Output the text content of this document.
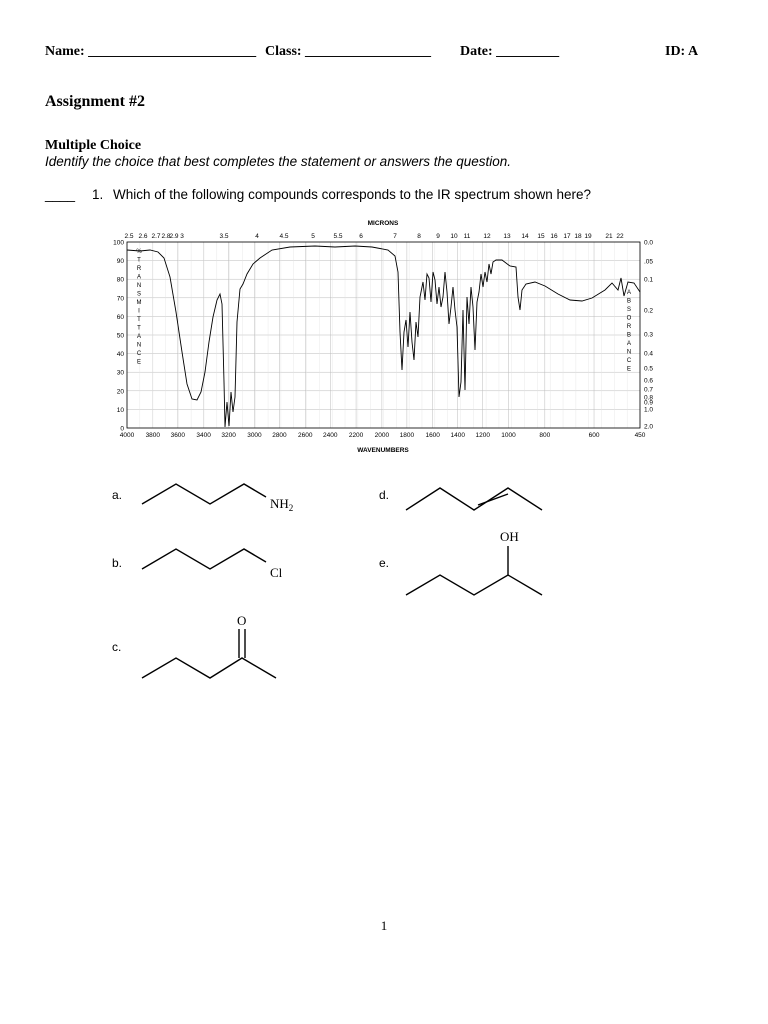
Name: ________________________ Class: __________________ Date: _________	ID: A
Assignment #2
Multiple Choice
Identify the choice that best completes the statement or answers the question.
____ 1. Which of the following compounds corresponds to the IR spectrum shown here?
MICRONS
WAVENUMBERS
2.5 2.6 2.7 2.8
2.9 3	3.5	4	4.5	5	5.5	6	7	8 9 10 11 12 13 14 15 16 17 18 19 21 22
4000 3800 3600 3400 3200 3000 2800 2600 2400 2200 2000 1800 1600 1400 1200 1000	800	600	450
100
90
80
70
60
50
40
30
20
10
0
0.0
.05
0.1
0.2
0.3
0.4
0.5
0.6
0.7
0.8
0.9
1.0
2.0
%
T
R
A
N
S
M
I
T
T
A
N
C
E
A
B
S
O
R
B
A
N
C
E
a.
$NH_2$
b.
Cl
c.
O
d.
e.
OH
1
